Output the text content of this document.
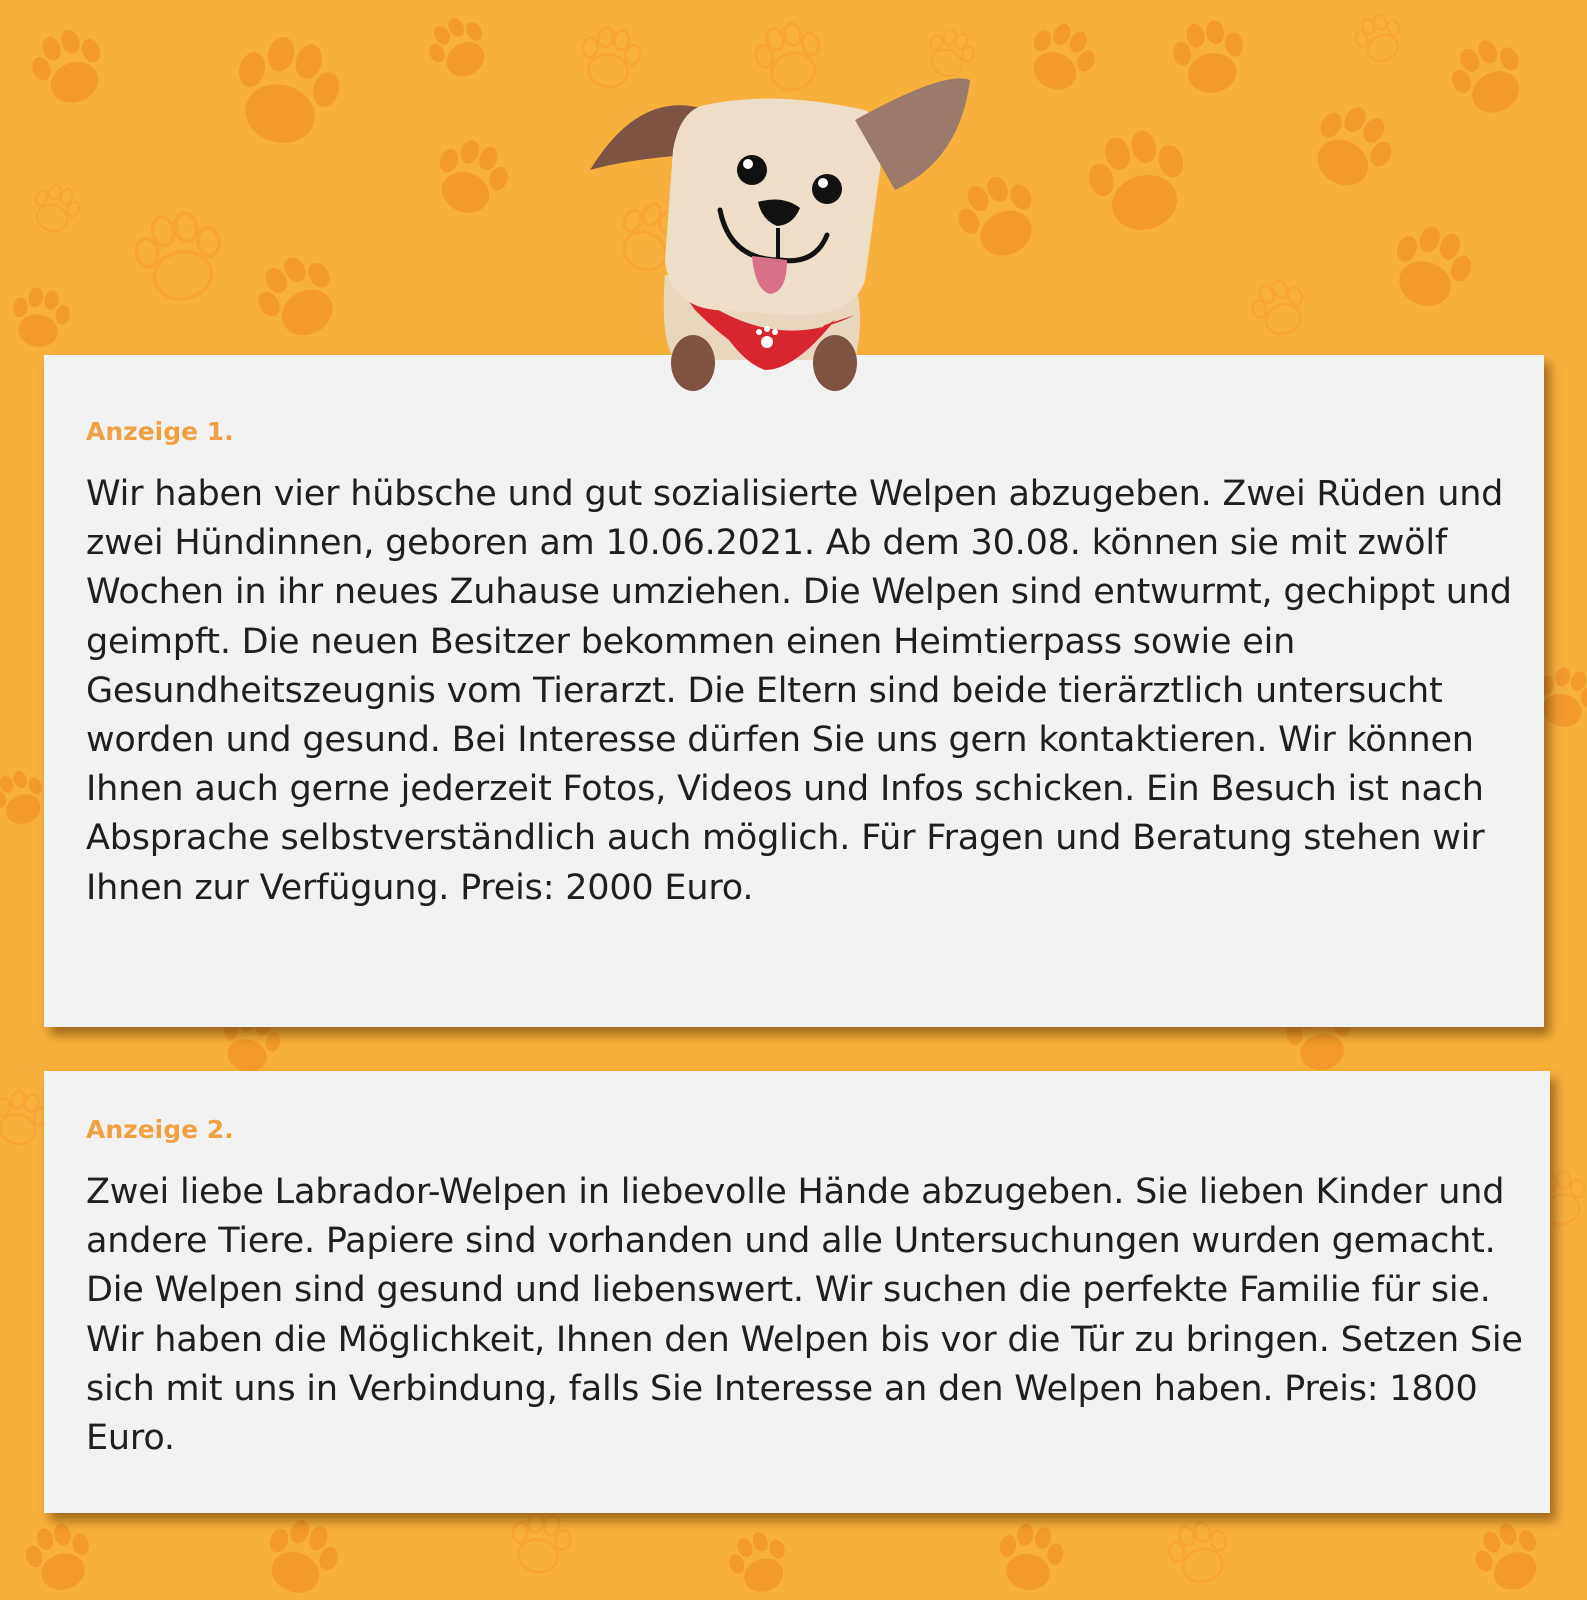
Anzeige 1.

Wir haben vier hübsche und gut sozialisierte Welpen abzugeben. Zwei Rüden und zwei Hündinnen, geboren am 10.06.2021. Ab dem 30.08. können sie mit zwölf Wochen in ihr neues Zuhause umziehen. Die Welpen sind entwurmt, gechippt und geimpft. Die neuen Besitzer bekommen einen Heimtierpass sowie ein Gesundheitszeugnis vom Tierarzt. Die Eltern sind beide tierärztlich untersucht worden und gesund. Bei Interesse dürfen Sie uns gern kontaktieren. Wir können Ihnen auch gerne jederzeit Fotos, Videos und Infos schicken. Ein Besuch ist nach Absprache selbstverständlich auch möglich. Für Fragen und Beratung stehen wir Ihnen zur Verfügung. Preis: 2000 Euro.

Anzeige 2.

Zwei liebe Labrador-Welpen in liebevolle Hände abzugeben. Sie lieben Kinder und andere Tiere. Papiere sind vorhanden und alle Untersuchungen wurden gemacht. Die Welpen sind gesund und liebenswert. Wir suchen die perfekte Familie für sie. Wir haben die Möglichkeit, Ihnen den Welpen bis vor die Tür zu bringen. Setzen Sie sich mit uns in Verbindung, falls Sie Interesse an den Welpen haben. Preis: 1800 Euro.
